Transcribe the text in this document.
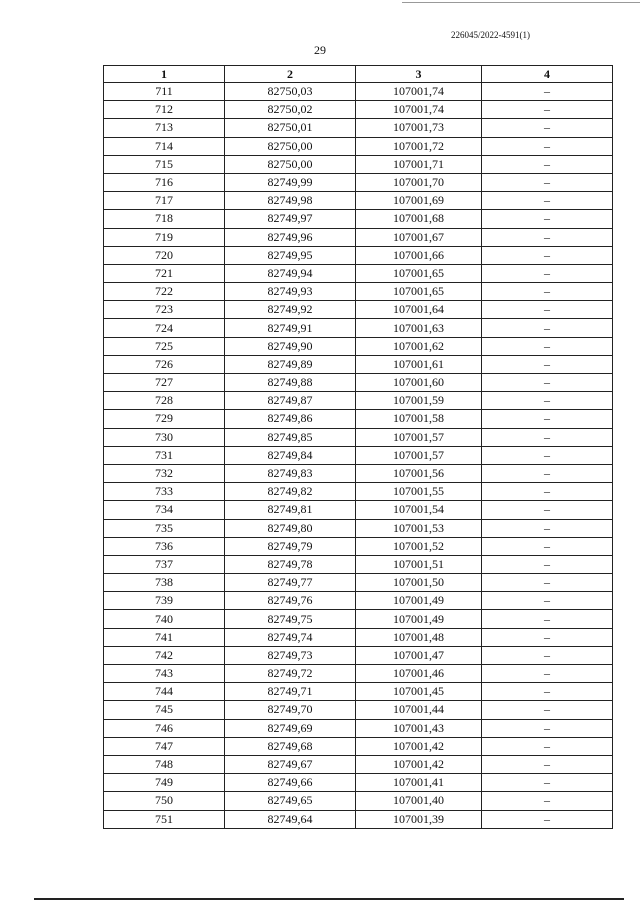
226045/2022-4591(1)
29
1	2	3	4
711	82750,03	107001,74	–
712	82750,02	107001,74	–
713	82750,01	107001,73	–
714	82750,00	107001,72	–
715	82750,00	107001,71	–
716	82749,99	107001,70	–
717	82749,98	107001,69	–
718	82749,97	107001,68	–
719	82749,96	107001,67	–
720	82749,95	107001,66	–
721	82749,94	107001,65	–
722	82749,93	107001,65	–
723	82749,92	107001,64	–
724	82749,91	107001,63	–
725	82749,90	107001,62	–
726	82749,89	107001,61	–
727	82749,88	107001,60	–
728	82749,87	107001,59	–
729	82749,86	107001,58	–
730	82749,85	107001,57	–
731	82749,84	107001,57	–
732	82749,83	107001,56	–
733	82749,82	107001,55	–
734	82749,81	107001,54	–
735	82749,80	107001,53	–
736	82749,79	107001,52	–
737	82749,78	107001,51	–
738	82749,77	107001,50	–
739	82749,76	107001,49	–
740	82749,75	107001,49	–
741	82749,74	107001,48	–
742	82749,73	107001,47	–
743	82749,72	107001,46	–
744	82749,71	107001,45	–
745	82749,70	107001,44	–
746	82749,69	107001,43	–
747	82749,68	107001,42	–
748	82749,67	107001,42	–
749	82749,66	107001,41	–
750	82749,65	107001,40	–
751	82749,64	107001,39	–
